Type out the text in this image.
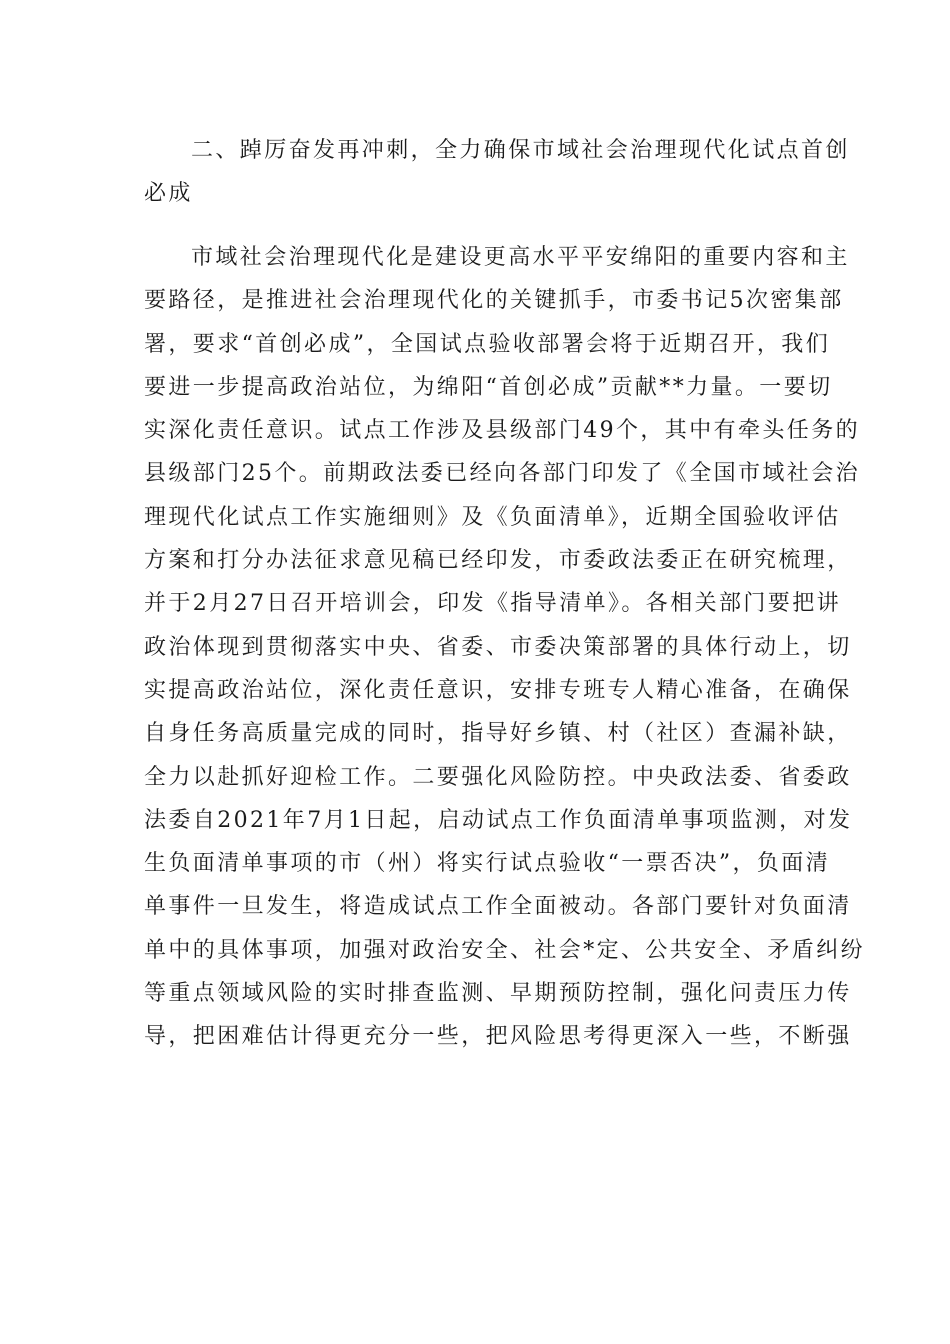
二、踔厉奋发再冲刺，全力确保市域社会治理现代化试点首创
必成
市域社会治理现代化是建设更高水平平安绵阳的重要内容和主
要路径，是推进社会治理现代化的关键抓手，市委书记5次密集部
署，要求“首创必成”，全国试点验收部署会将于近期召开，我们
要进一步提高政治站位，为绵阳“首创必成”贡献**力量。一要切
实深化责任意识。试点工作涉及县级部门49个，其中有牵头任务的
县级部门25个。前期政法委已经向各部门印发了《全国市域社会治
理现代化试点工作实施细则》及《负面清单》，近期全国验收评估
方案和打分办法征求意见稿已经印发，市委政法委正在研究梳理，
并于2月27日召开培训会，印发《指导清单》。各相关部门要把讲
政治体现到贯彻落实中央、省委、市委决策部署的具体行动上，切
实提高政治站位，深化责任意识，安排专班专人精心准备，在确保
自身任务高质量完成的同时，指导好乡镇、村（社区）查漏补缺，
全力以赴抓好迎检工作。二要强化风险防控。中央政法委、省委政
法委自2021年7月1日起，启动试点工作负面清单事项监测，对发
生负面清单事项的市（州）将实行试点验收“一票否决”，负面清
单事件一旦发生，将造成试点工作全面被动。各部门要针对负面清
单中的具体事项，加强对政治安全、社会*定、公共安全、矛盾纠纷
等重点领域风险的实时排查监测、早期预防控制，强化问责压力传
导，把困难估计得更充分一些，把风险思考得更深入一些，不断强
